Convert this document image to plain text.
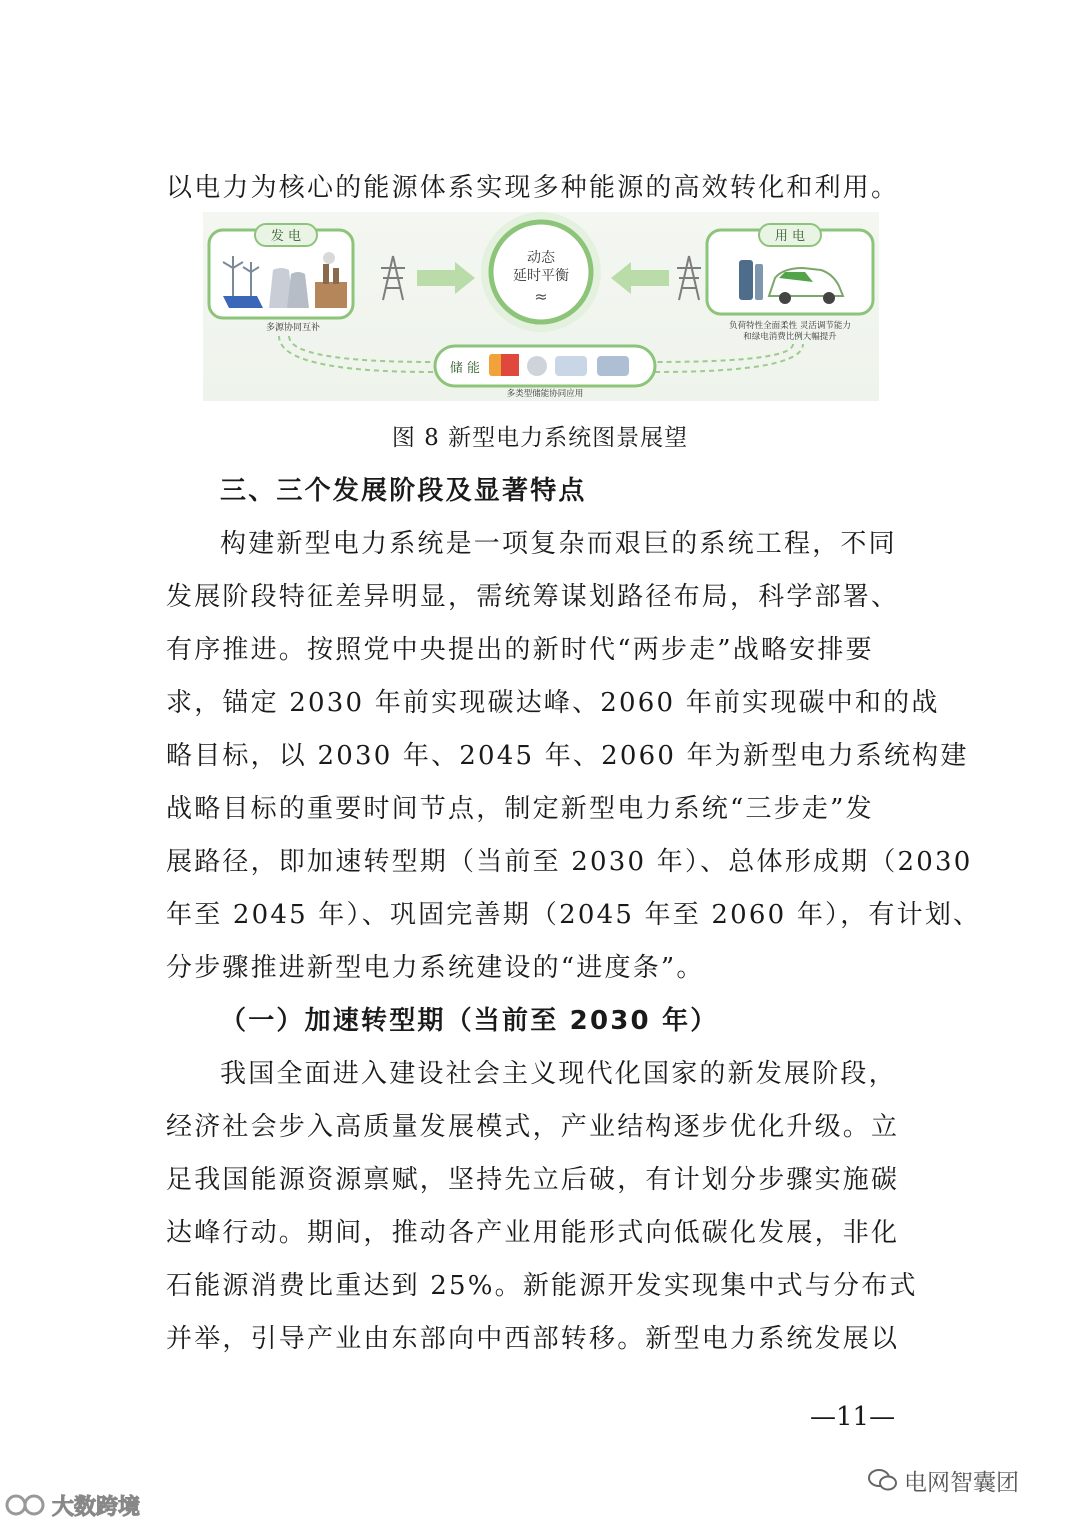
以电力为核心的能源体系实现多种能源的高效转化和利用。

发 电
多源协同互补
动态
延时平衡
≈
用 电
负荷特性全面柔性 灵活调节能力
和绿电消费比例大幅提升
储 能
多类型储能协同应用
图 8 新型电力系统图景展望

三、三个发展阶段及显著特点

构建新型电力系统是一项复杂而艰巨的系统工程，不同

发展阶段特征差异明显，需统筹谋划路径布局，科学部署、

有序推进。按照党中央提出的新时代“两步走”战略安排要

求，锚定 2030 年前实现碳达峰、2060 年前实现碳中和的战

略目标，以 2030 年、2045 年、2060 年为新型电力系统构建

战略目标的重要时间节点，制定新型电力系统“三步走”发

展路径，即加速转型期（当前至 2030 年）、总体形成期（2030

年至 2045 年）、巩固完善期（2045 年至 2060 年），有计划、

分步骤推进新型电力系统建设的“进度条”。

（一）加速转型期（当前至 2030 年）

我国全面进入建设社会主义现代化国家的新发展阶段，

经济社会步入高质量发展模式，产业结构逐步优化升级。立

足我国能源资源禀赋，坚持先立后破，有计划分步骤实施碳

达峰行动。期间，推动各产业用能形式向低碳化发展，非化

石能源消费比重达到 25%。新能源开发实现集中式与分布式

并举，引导产业由东部向中西部转移。新型电力系统发展以

—11—
电网智囊团
大数跨境
